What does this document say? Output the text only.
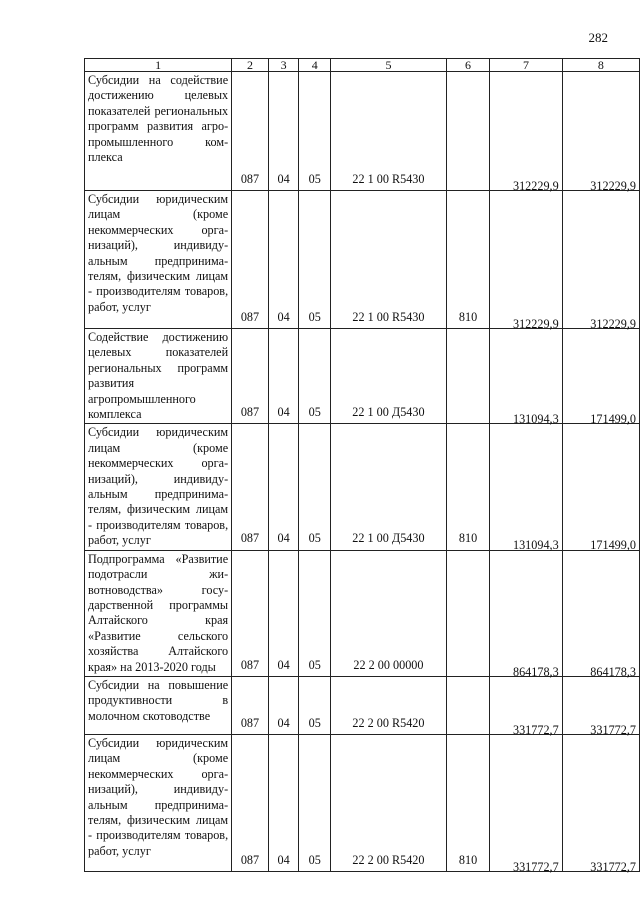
282
1	2	3	4	5	6	7	8
Субсидии на содействие достижению целевых показателей региональных программ развития агропромышленного комплекса	087	04	05	22 1 00 R5430		312229,9	312229,9
Субсидии юридическим лицам (кроме некоммерческих организаций), индивидуальным предпринимателям, физическим лицам - производителям товаров, работ, услуг	087	04	05	22 1 00 R5430	810	312229,9	312229,9
Содействие достижению целевых показателей региональных программ развития агропромышленного комплекса	087	04	05	22 1 00 Д5430		131094,3	171499,0
Субсидии юридическим лицам (кроме некоммерческих организаций), индивидуальным предпринимателям, физическим лицам - производителям товаров, работ, услуг	087	04	05	22 1 00 Д5430	810	131094,3	171499,0
Подпрограмма «Развитие подотрасли животноводства» государственной программы Алтайского края «Развитие сельского хозяйства Алтайского края» на 2013-2020 годы	087	04	05	22 2 00 00000		864178,3	864178,3
Субсидии на повышение продуктивности в молочном скотоводстве	087	04	05	22 2 00 R5420		331772,7	331772,7
Субсидии юридическим лицам (кроме некоммерческих организаций), индивидуальным предпринимателям, физическим лицам - производителям товаров, работ, услуг	087	04	05	22 2 00 R5420	810	331772,7	331772,7
